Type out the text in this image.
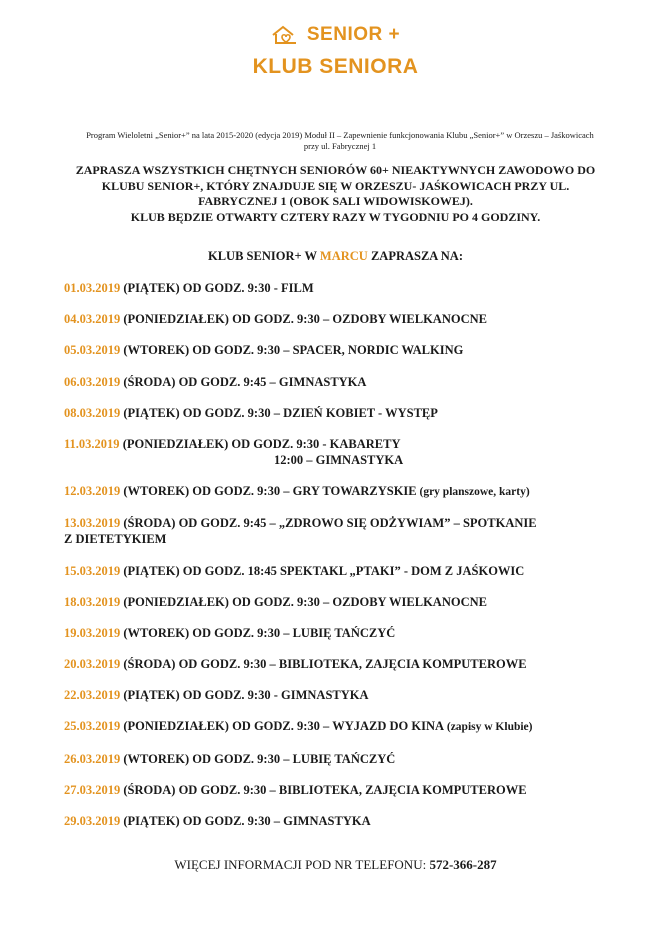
SENIOR +
KLUB SENIORA
Program Wieloletni „Senior+” na lata 2015-2020 (edycja 2019) Moduł II – Zapewnienie funkcjonowania Klubu „Senior+” w Orzeszu – Jaśkowicach
przy ul. Fabrycznej 1
ZAPRASZA WSZYSTKICH CHĘTNYCH SENIORÓW 60+ NIEAKTYWNYCH ZAWODOWO DO
KLUBU SENIOR+, KTÓRY ZNAJDUJE SIĘ W ORZESZU- JAŚKOWICACH PRZY UL.
FABRYCZNEJ 1 (OBOK SALI WIDOWISKOWEJ).
KLUB BĘDZIE OTWARTY CZTERY RAZY W TYGODNIU PO 4 GODZINY.
KLUB SENIOR+ W MARCU ZAPRASZA NA:
01.03.2019 (PIĄTEK) OD GODZ. 9:30 - FILM
04.03.2019 (PONIEDZIAŁEK) OD GODZ. 9:30 – OZDOBY WIELKANOCNE
05.03.2019 (WTOREK) OD GODZ. 9:30 – SPACER, NORDIC WALKING
06.03.2019 (ŚRODA) OD GODZ. 9:45 – GIMNASTYKA
08.03.2019 (PIĄTEK) OD GODZ. 9:30 – DZIEŃ KOBIET - WYSTĘP
11.03.2019 (PONIEDZIAŁEK) OD GODZ. 9:30 - KABARETY
12:00 – GIMNASTYKA
12.03.2019 (WTOREK) OD GODZ. 9:30 – GRY TOWARZYSKIE (gry planszowe, karty)
13.03.2019 (ŚRODA) OD GODZ. 9:45 – „ZDROWO SIĘ ODŻYWIAM” – SPOTKANIE
Z DIETETYKIEM
15.03.2019 (PIĄTEK) OD GODZ. 18:45 SPEKTAKL „PTAKI” - DOM Z JAŚKOWIC
18.03.2019 (PONIEDZIAŁEK) OD GODZ. 9:30 – OZDOBY WIELKANOCNE
19.03.2019 (WTOREK) OD GODZ. 9:30 – LUBIĘ TAŃCZYĆ
20.03.2019 (ŚRODA) OD GODZ. 9:30 – BIBLIOTEKA, ZAJĘCIA KOMPUTEROWE
22.03.2019 (PIĄTEK) OD GODZ. 9:30 - GIMNASTYKA
25.03.2019 (PONIEDZIAŁEK) OD GODZ. 9:30 – WYJAZD DO KINA (zapisy w Klubie)
26.03.2019 (WTOREK) OD GODZ. 9:30 – LUBIĘ TAŃCZYĆ
27.03.2019 (ŚRODA) OD GODZ. 9:30 – BIBLIOTEKA, ZAJĘCIA KOMPUTEROWE
29.03.2019 (PIĄTEK) OD GODZ. 9:30 – GIMNASTYKA
WIĘCEJ INFORMACJI POD NR TELEFONU: 572-366-287
